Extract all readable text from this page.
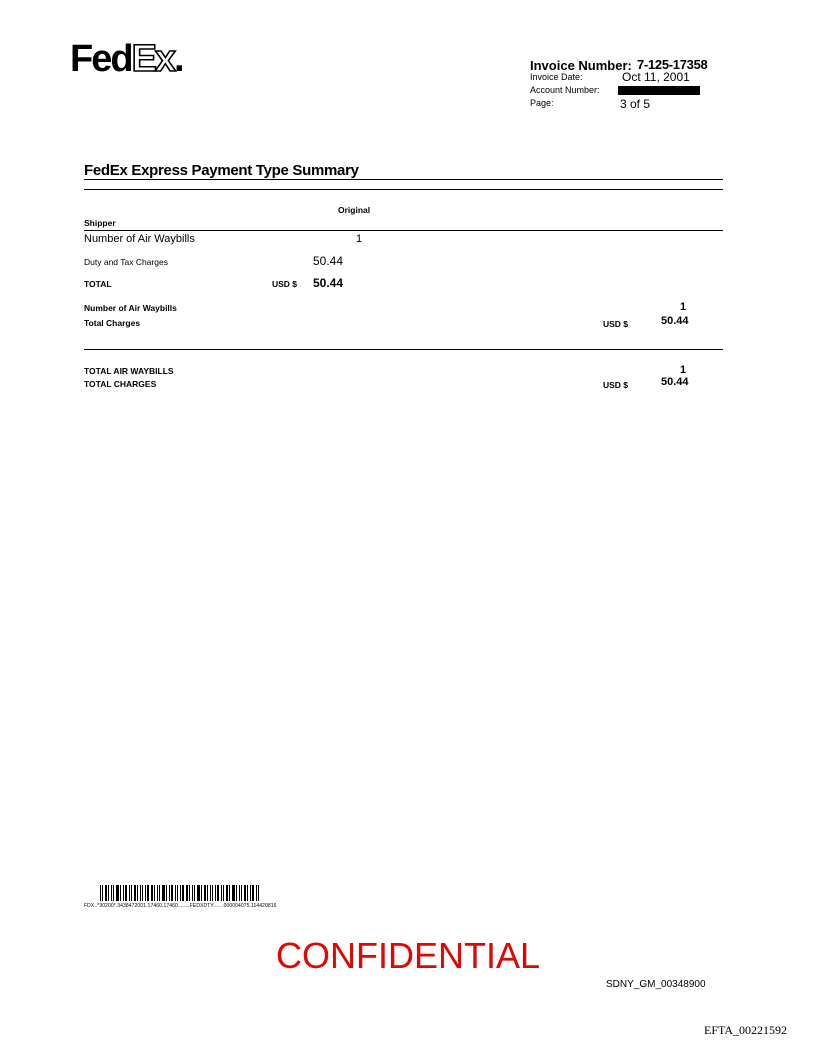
FedEx.	Invoice Number: 7-125-17358
Invoice Date:	Oct 11, 2001
Account Number:
Page:	3 of 5
FedEx Express Payment Type Summary
Original
Shipper
Number of Air Waybills	1
Duty and Tax Charges	50.44
TOTAL	USD $ 50.44
Number of Air Waybills	1
Total Charges	USD $	50.44
TOTAL AIR WAYBILLS	1
TOTAL CHARGES	USD $	50.44
FDX..*30200*.3438472001.17460.17460........FEDXDTY.......000004075.114420816
CONFIDENTIAL
SDNY_GM_00348900
EFTA_00221592
